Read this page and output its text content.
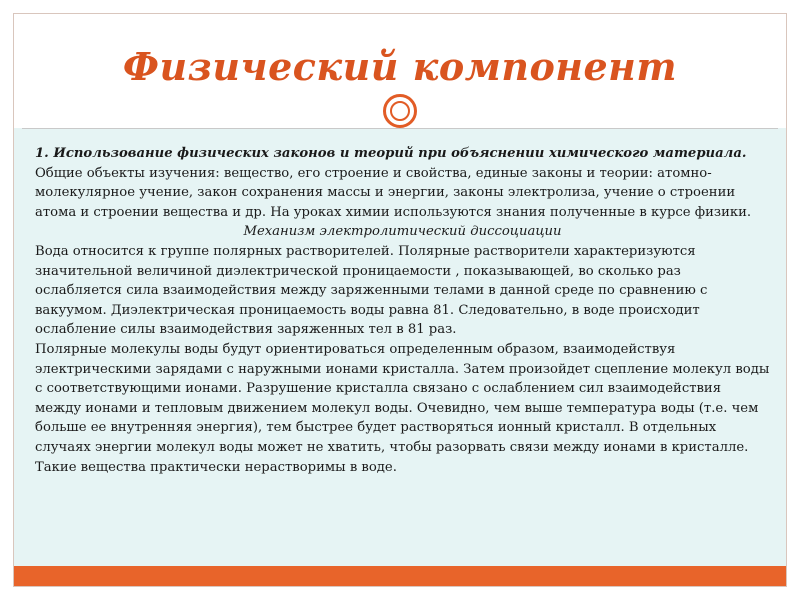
Физический компонент

1. Использование физических законов и теорий при объяснении химического материала.

Общие объекты изучения: вещество, его строение и свойства, единые законы и теории: атомно-молекулярное учение, закон сохранения массы и энергии, законы электролиза, учение о строении атома и строении вещества и др. На уроках химии используются знания полученные в курсе физики.

Механизм электролитический диссоциации

Вода относится к группе полярных растворителей. Полярные растворители характеризуются значительной величиной диэлектрической проницаемости , показывающей, во сколько раз ослабляется сила взаимодействия между заряженными телами в данной среде по сравнению с вакуумом. Диэлектрическая проницаемость воды равна 81. Следовательно, в воде происходит ослабление силы взаимодействия заряженных тел в 81 раз.

Полярные молекулы воды будут ориентироваться определенным образом, взаимодействуя электрическими зарядами с наружными ионами кристалла. Затем произойдет сцепление молекул воды с соответствующими ионами. Разрушение кристалла связано с ослаблением сил взаимодействия между ионами и тепловым движением молекул воды. Очевидно, чем выше температура воды (т.е. чем больше ее внутренняя энергия), тем быстрее будет растворяться ионный кристалл. В отдельных случаях энергии молекул воды может не хватить, чтобы разорвать связи между ионами в кристалле. Такие вещества практически нерастворимы в воде.
